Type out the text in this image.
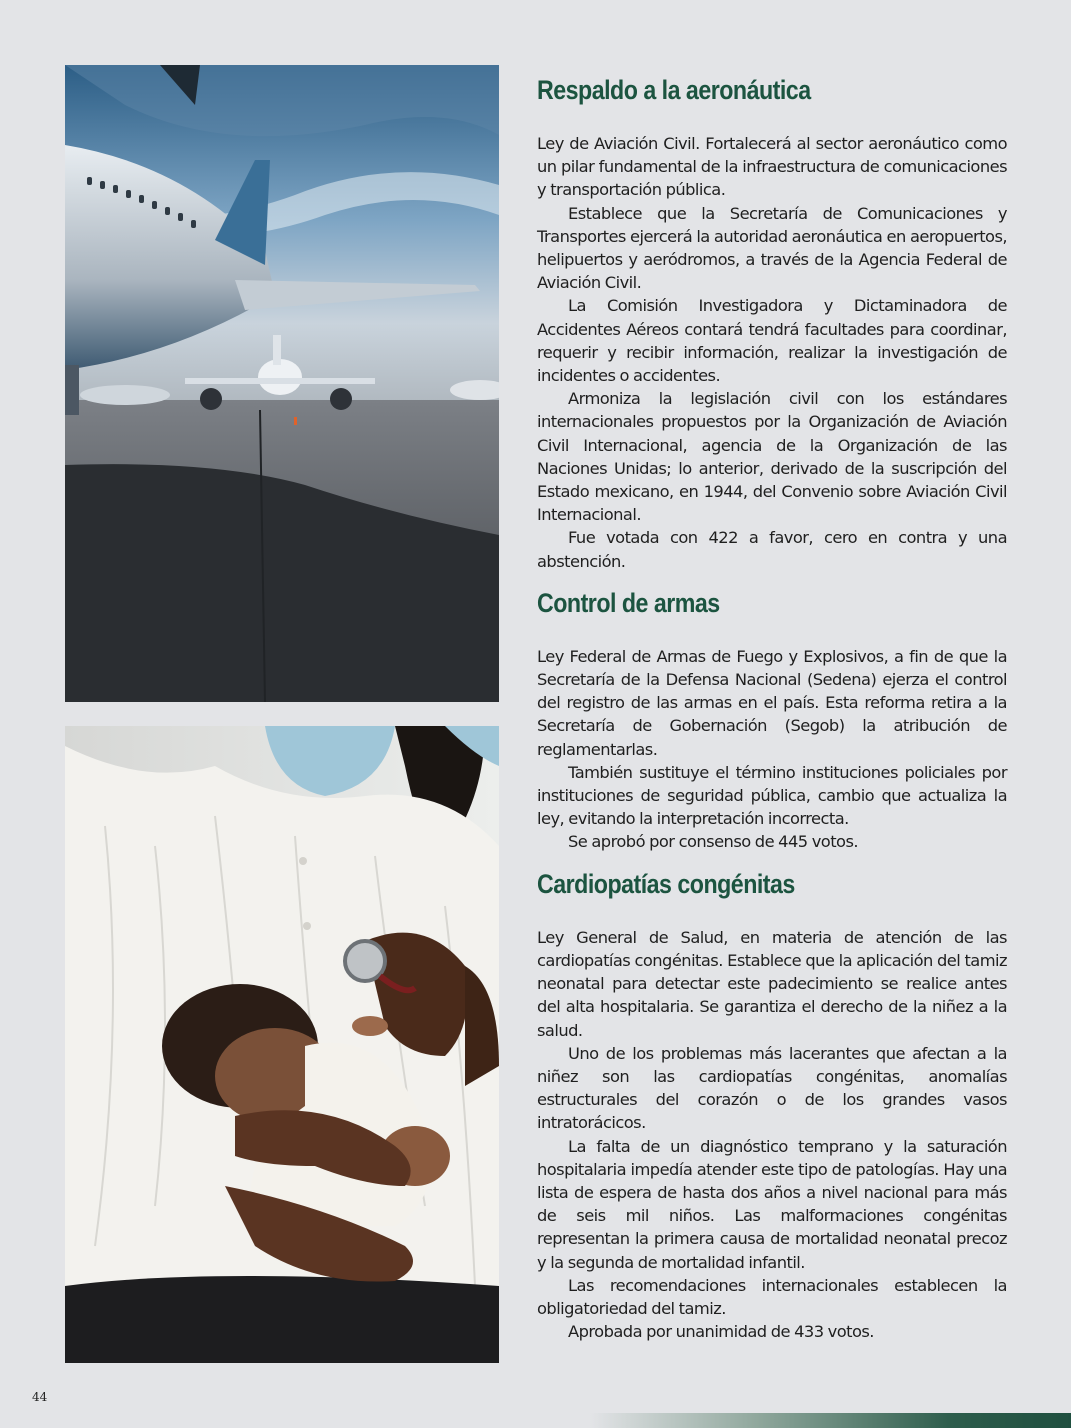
Respaldo a la aeronáutica

Ley de Aviación Civil. Fortalecerá al sector aeronáutico como un pilar fundamental de la infraestructura de comunicaciones y transportación pública.

Establece que la Secretaría de Comunicaciones y Transportes ejercerá la autoridad aeronáutica en aeropuertos, helipuertos y aeródromos, a través de la Agencia Federal de Aviación Civil.

La Comisión Investigadora y Dictaminadora de Accidentes Aéreos contará tendrá facultades para coordinar, requerir y recibir información, realizar la investigación de incidentes o accidentes.

Armoniza la legislación civil con los estándares internacionales propuestos por la Organización de Aviación Civil Internacional, agencia de la Organización de las Naciones Unidas; lo anterior, derivado de la suscripción del Estado mexicano, en 1944, del Convenio sobre Aviación Civil Internacional.

Fue votada con 422 a favor, cero en contra y una abstención.

Control de armas

Ley Federal de Armas de Fuego y Explosivos, a fin de que la Secretaría de la Defensa Nacional (Sedena) ejerza el control del registro de las armas en el país. Esta reforma retira a la Secretaría de Gobernación (Segob) la atribución de reglamentarlas.

También sustituye el término instituciones policiales por instituciones de seguridad pública, cambio que actualiza la ley, evitando la interpretación incorrecta.

Se aprobó por consenso de 445 votos.

Cardiopatías congénitas

Ley General de Salud, en materia de atención de las cardiopatías congénitas. Establece que la aplicación del tamiz neonatal para detectar este padecimiento se realice antes del alta hospitalaria. Se garantiza el derecho de la niñez a la salud.

Uno de los problemas más lacerantes que afectan a la niñez son las cardiopatías congénitas, anomalías estructurales del corazón o de los grandes vasos intratorácicos.

La falta de un diagnóstico temprano y la saturación hospitalaria impedía atender este tipo de patologías. Hay una lista de espera de hasta dos años a nivel nacional para más de seis mil niños. Las malformaciones congénitas representan la primera causa de mortalidad neonatal precoz y la segunda de mortalidad infantil.

Las recomendaciones internacionales establecen la obligatoriedad del tamiz.

Aprobada por unanimidad de 433 votos.

44
